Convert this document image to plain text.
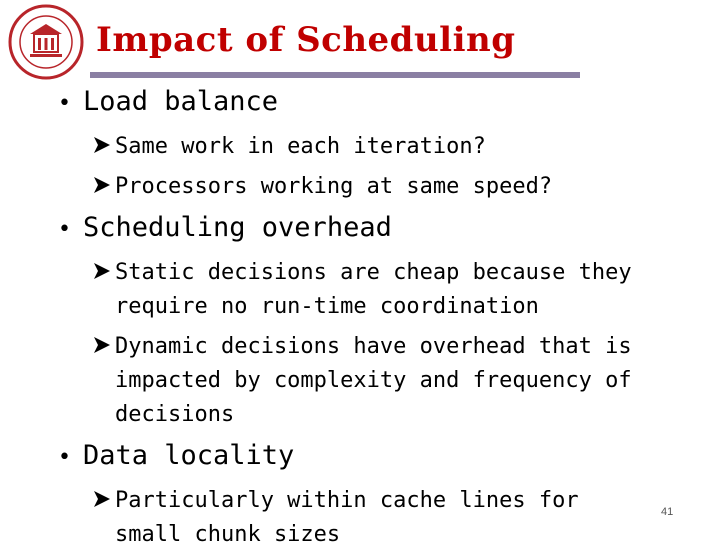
Impact of Scheduling
• Load balance
Same work in each iteration?
Processors working at same speed?
• Scheduling overhead
Static decisions are cheap because they require no run-time coordination
Dynamic decisions have overhead that is impacted by complexity and frequency of decisions
• Data locality
Particularly within cache lines for small chunk sizes
41
